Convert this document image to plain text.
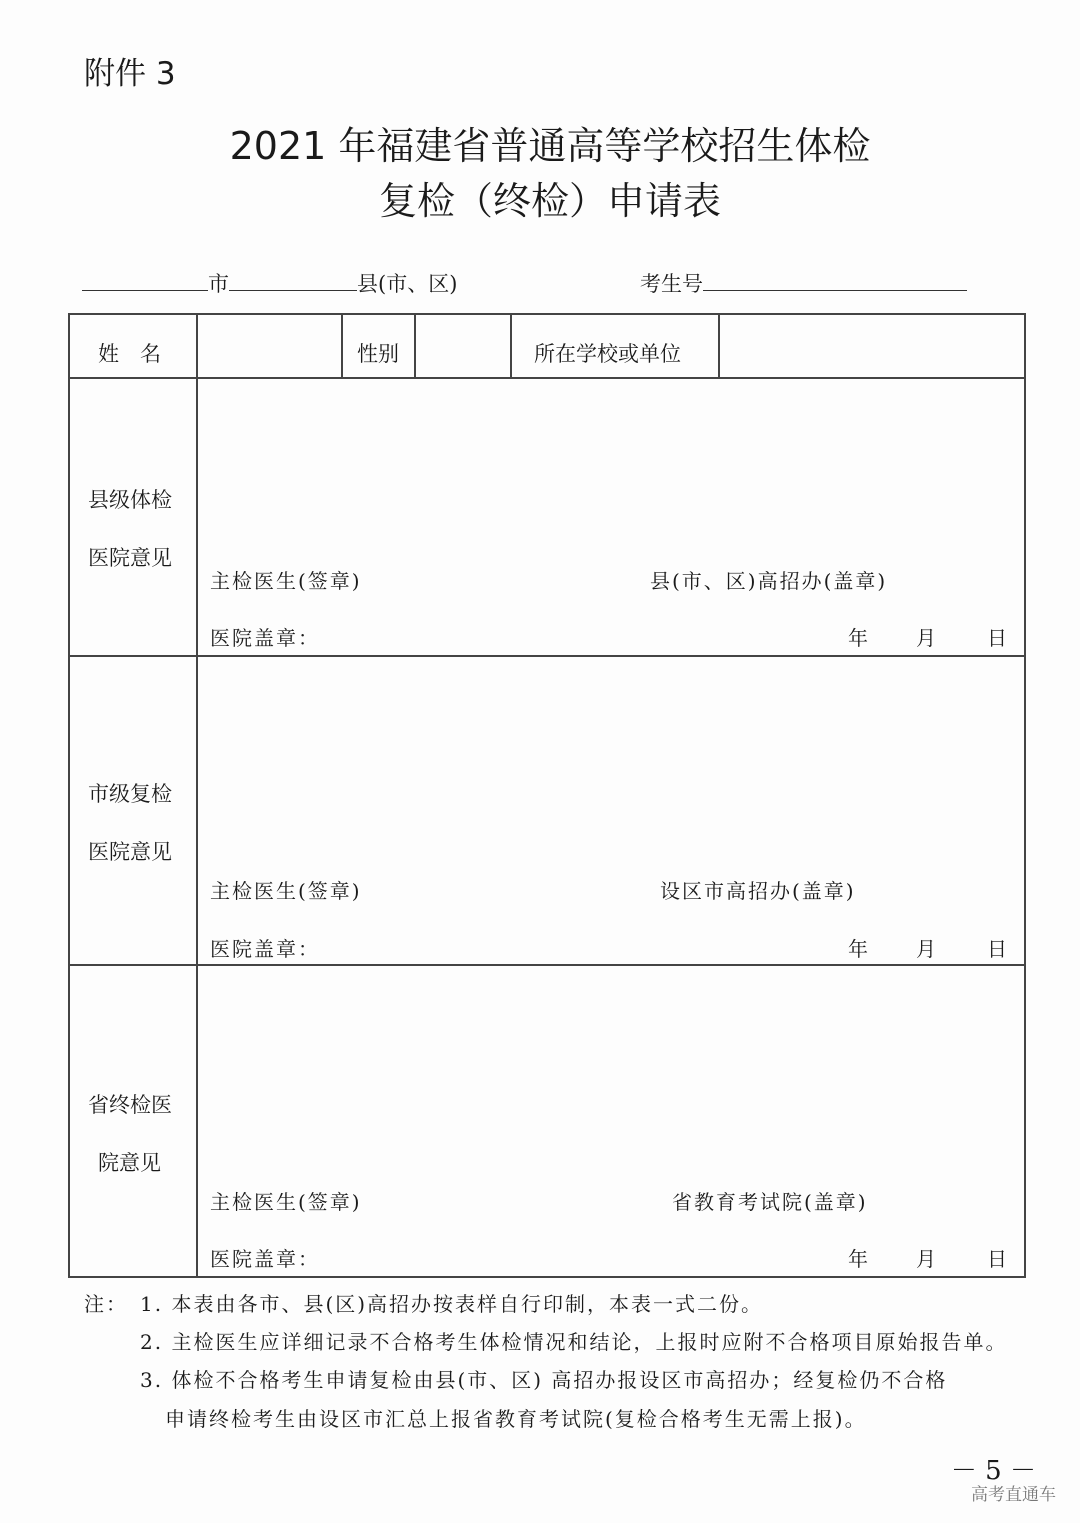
附件 3
2021 年福建省普通高等学校招生体检
复检（终检）申请表
市	县(市、区)	考生号
姓　名	性别	所在学校或单位
县级体检
医院意见
主检医生(签章)	县(市、区)高招办(盖章)
医院盖章：	年 月 日
市级复检
医院意见
主检医生(签章)	设区市高招办(盖章)
医院盖章：	年 月 日
省终检医
院意见
主检医生(签章)	省教育考试院(盖章)
医院盖章：	年 月 日
注： 1. 本表由各市、县(区)高招办按表样自行印制，本表一式二份。
2. 主检医生应详细记录不合格考生体检情况和结论，上报时应附不合格项目原始报告单。
3. 体检不合格考生申请复检由县(市、区) 高招办报设区市高招办；经复检仍不合格
申请终检考生由设区市汇总上报省教育考试院(复检合格考生无需上报)。
－ 5 －
高考直通车
